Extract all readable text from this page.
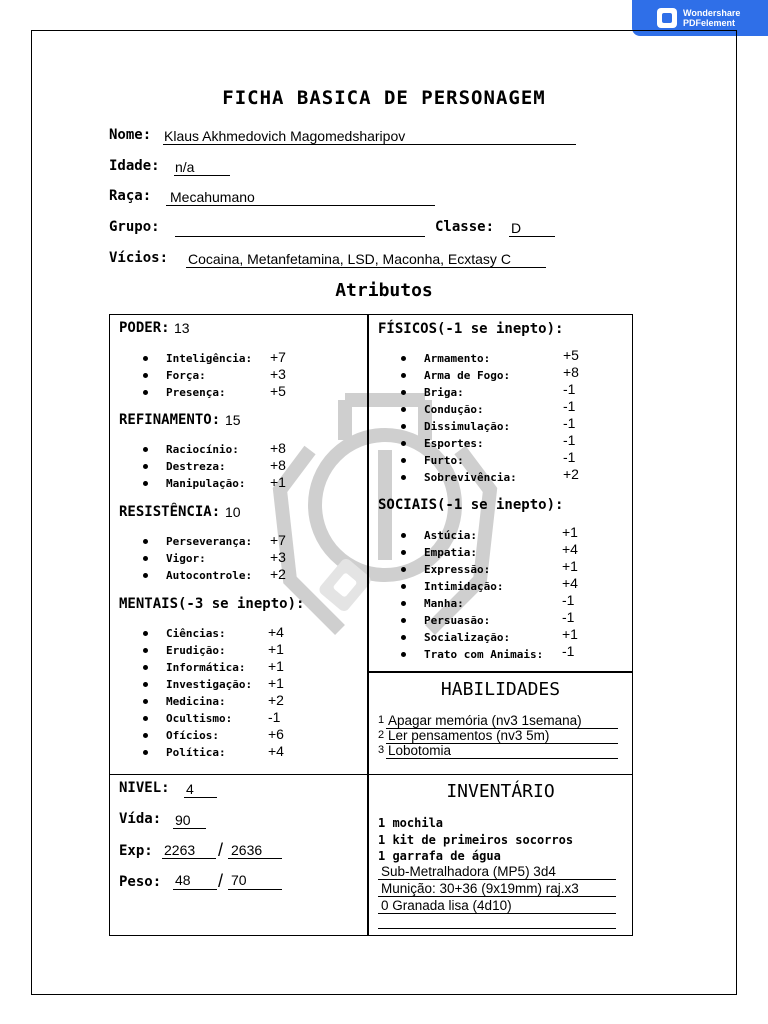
Wondershare
PDFelement
FICHA BASICA DE PERSONAGEM
Nome: Klaus Akhmedovich Magomedsharipov
Idade: n/a
Raça: Mecahumano
Grupo:	Classe: D
Vícios: Cocaina, Metanfetamina, LSD, Maconha, Ecxtasy C
Atributos
HABILIDADES
NIVEL: 4
Vída: 90
Exp: 2263 / 2636
Peso: 48 / 70
INVENTÁRIO
PODER: 13
Inteligência: +7
Força:	+3
Presença:	+5
REFINAMENTO: 15
Raciocínio: +8
Destreza:	+8
Manipulação: +1
RESISTÊNCIA: 10
Perseverança: +7
Vigor:	+3
Autocontrole: +2
MENTAIS(-3 se inepto):
Ciências:	+4
Erudição:	+1
Informática: +1
Investigação: +1
Medicina:	+2
Ocultismo:	-1
Ofícios:	+6
Política:	+4
FÍSICOS(-1 se inepto):
Armamento:	+5
Arma de Fogo:	+8
Briga:	-1
Condução:	-1
Dissimulação:	-1
Esportes:	-1
Furto:	-1
Sobrevivência:	+2
SOCIAIS(-1 se inepto):
Astúcia:	+1
Empatia:	+4
Expressão:	+1
Intimidação:	+4
Manha:	-1
Persuasão:	-1
Socialização:	+1
Trato com Animais: -1
1 Apagar memória (nv3 1semana)
2 Ler pensamentos (nv3 5m)
3 Lobotomia
1 mochila
1 kit de primeiros socorros
1 garrafa de água
Sub-Metralhadora (MP5) 3d4
Munição: 30+36 (9x19mm) raj.x3
0 Granada lisa (4d10)
